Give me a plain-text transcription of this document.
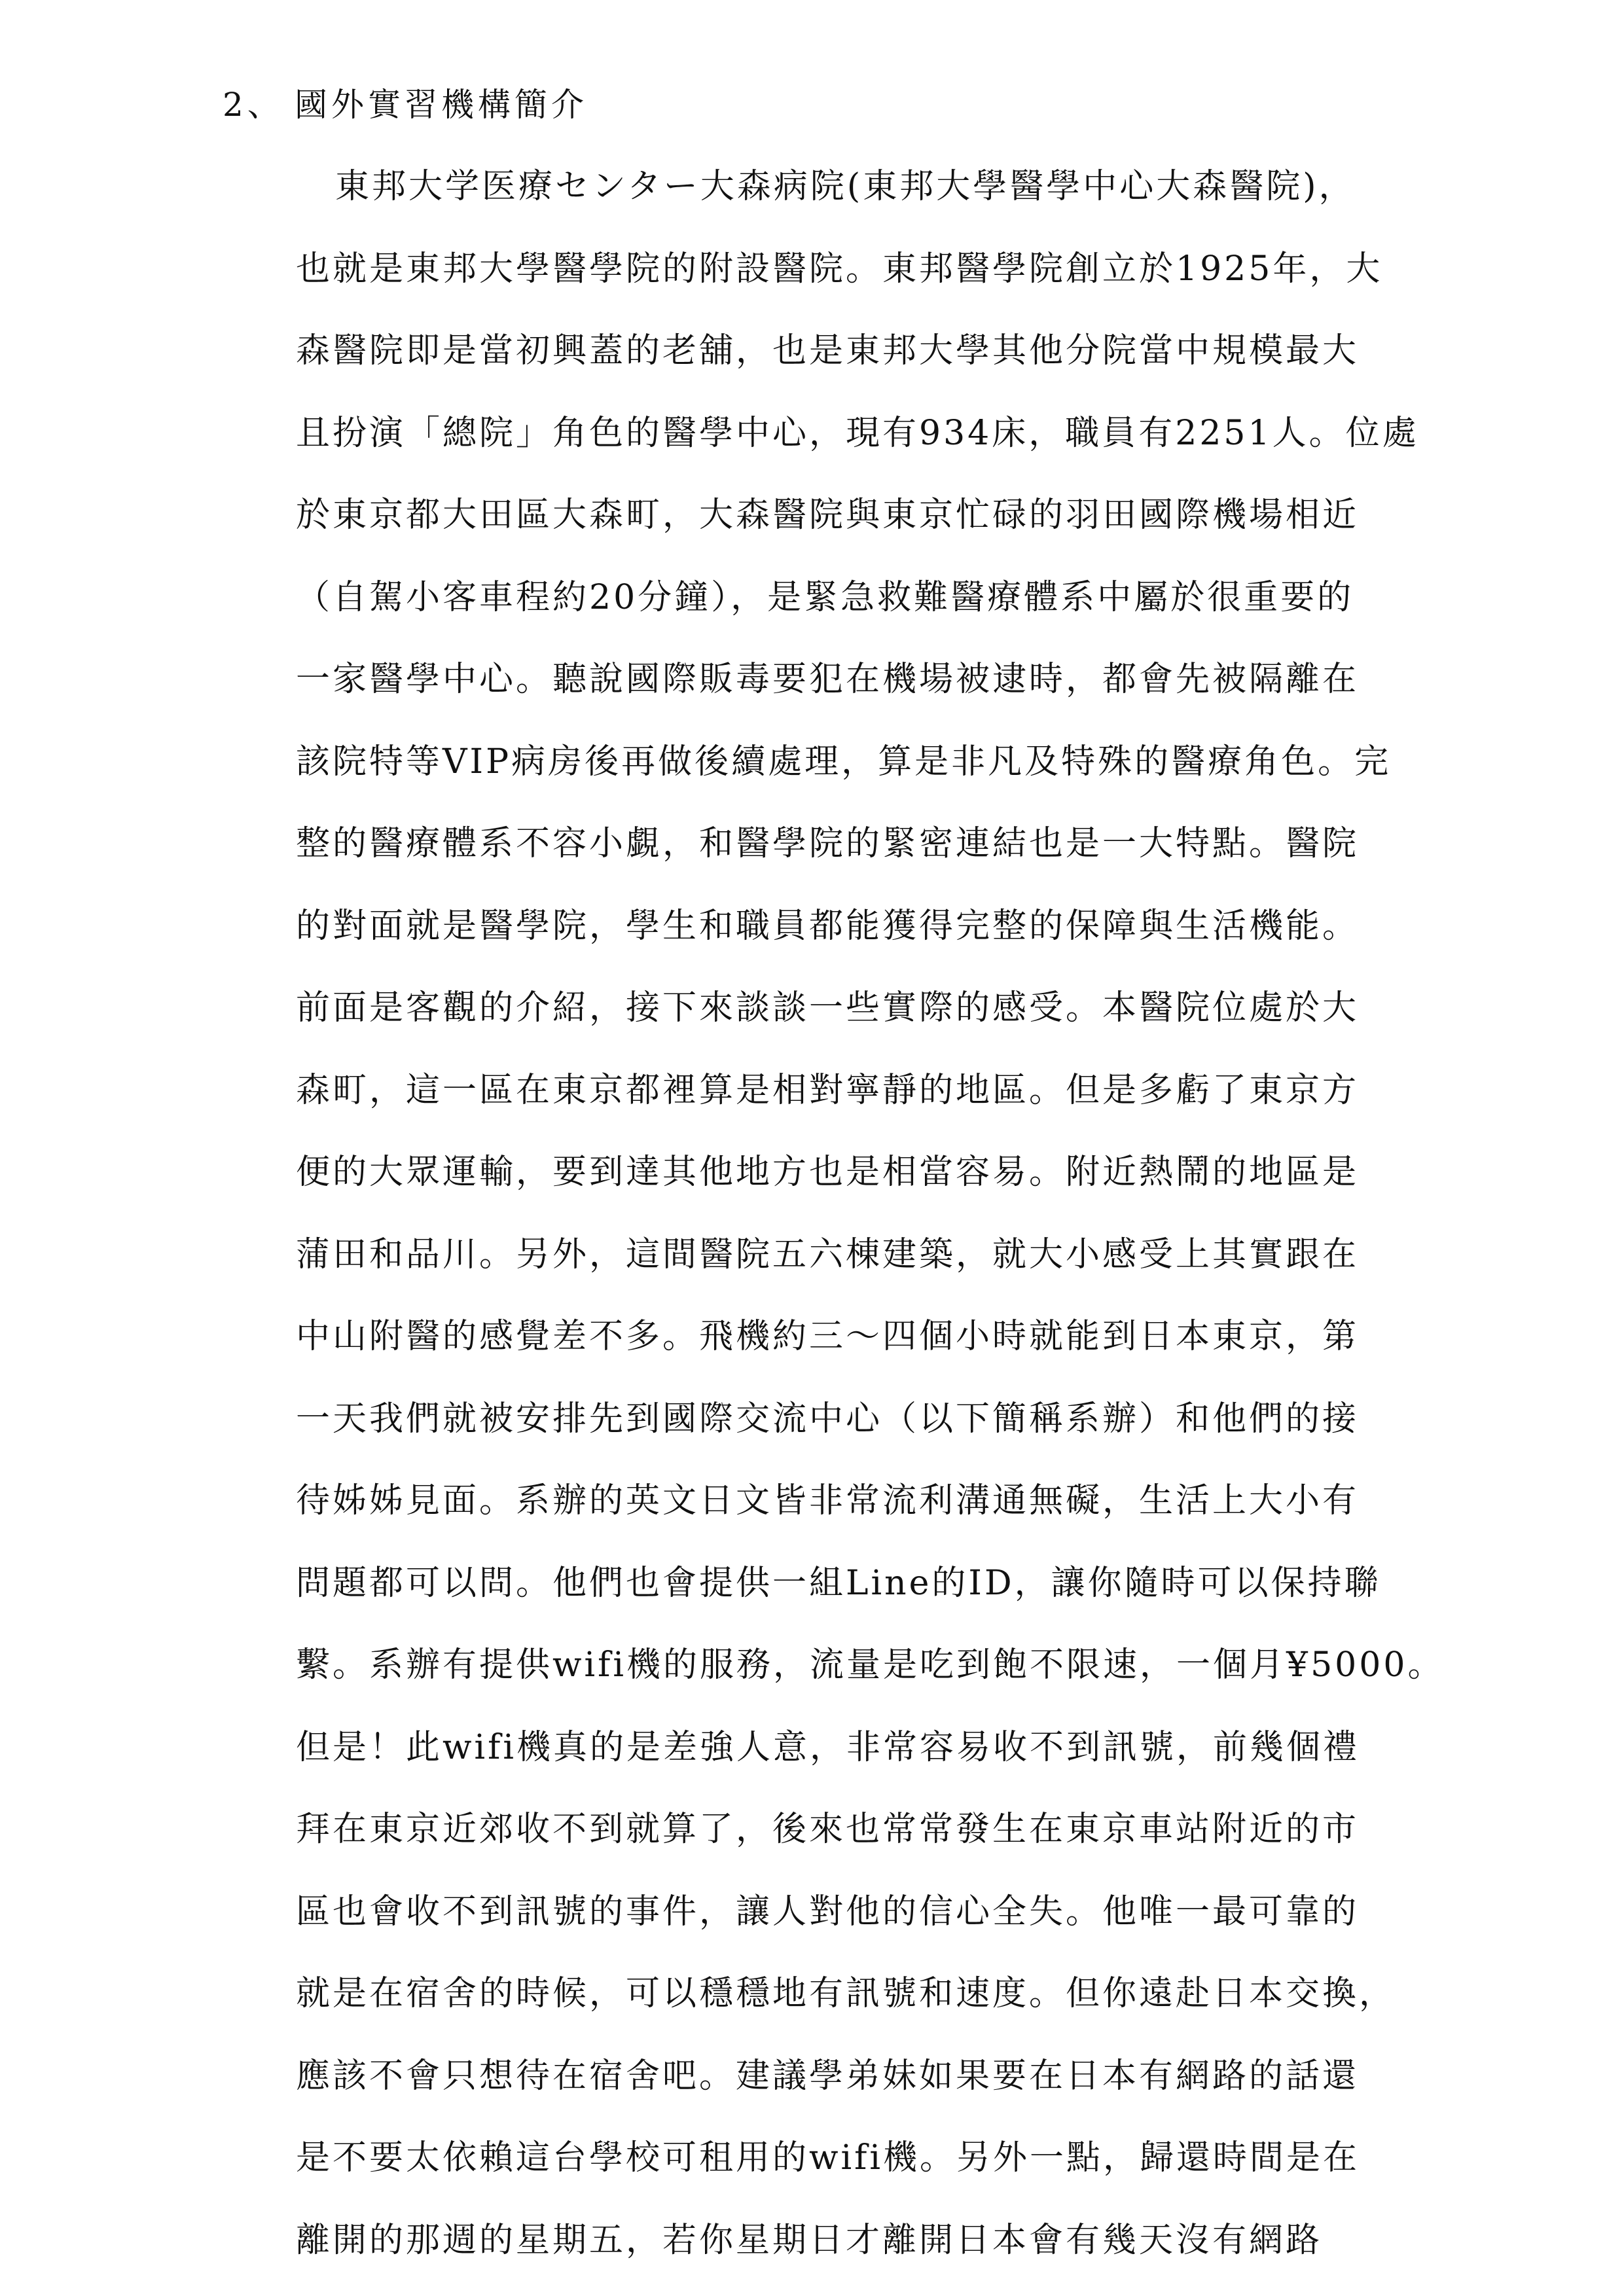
2、 國外實習機構簡介
東邦大学医療センター大森病院(東邦大學醫學中心大森醫院)，
也就是東邦大學醫學院的附設醫院。東邦醫學院創立於1925年，大
森醫院即是當初興蓋的老舖，也是東邦大學其他分院當中規模最大
且扮演「總院」角色的醫學中心，現有934床，職員有2251人。位處
於東京都大田區大森町，大森醫院與東京忙碌的羽田國際機場相近
（自駕小客車程約20分鐘），是緊急救難醫療體系中屬於很重要的
一家醫學中心。聽說國際販毒要犯在機場被逮時，都會先被隔離在
該院特等VIP病房後再做後續處理，算是非凡及特殊的醫療角色。完
整的醫療體系不容小覷，和醫學院的緊密連結也是一大特點。醫院
的對面就是醫學院，學生和職員都能獲得完整的保障與生活機能。
前面是客觀的介紹，接下來談談一些實際的感受。本醫院位處於大
森町，這一區在東京都裡算是相對寧靜的地區。但是多虧了東京方
便的大眾運輸，要到達其他地方也是相當容易。附近熱鬧的地區是
蒲田和品川。另外，這間醫院五六棟建築，就大小感受上其實跟在
中山附醫的感覺差不多。飛機約三～四個小時就能到日本東京，第
一天我們就被安排先到國際交流中心（以下簡稱系辦）和他們的接
待姊姊見面。系辦的英文日文皆非常流利溝通無礙，生活上大小有
問題都可以問。他們也會提供一組Line的ID，讓你隨時可以保持聯
繫。系辦有提供wifi機的服務，流量是吃到飽不限速，一個月¥5000。
但是！此wifi機真的是差強人意，非常容易收不到訊號，前幾個禮
拜在東京近郊收不到就算了，後來也常常發生在東京車站附近的市
區也會收不到訊號的事件，讓人對他的信心全失。他唯一最可靠的
就是在宿舍的時候，可以穩穩地有訊號和速度。但你遠赴日本交換，
應該不會只想待在宿舍吧。建議學弟妹如果要在日本有網路的話還
是不要太依賴這台學校可租用的wifi機。另外一點，歸還時間是在
離開的那週的星期五，若你星期日才離開日本會有幾天沒有網路
